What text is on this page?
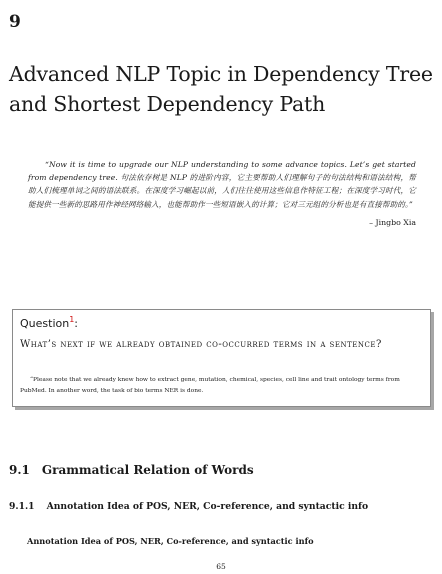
9
Advanced NLP Topic in Dependency Tree and Shortest Dependency Path
“Now it is time to upgrade our NLP understanding to some advance topics. Let’s get started from dependency tree. 句法依存树是 NLP 的进阶内容，它主要帮助人们理解句子的句法结构和语法结构，帮助人们梳理单词之间的语法联系。在深度学习崛起以前，人们往往使用这些信息作特征工程；在深度学习时代，它能提供一些新的思路用作神经网络输入，也能帮助作一些短语嵌入的计算；它对三元组的分析也是有直接帮助的。”
– Jingbo Xia
Question$^1$:
What’s next if we already obtained co-occurred terms in a sentence?
“Please note that we already knew how to extract gene, mutation, chemical, species, cell line and trait ontology terms from PubMed. In another word, the task of bio terms NER is done.
9.1 Grammatical Relation of Words
9.1.1 Annotation Idea of POS, NER, Co-reference, and syntactic info
Annotation Idea of POS, NER, Co-reference, and syntactic info
65
